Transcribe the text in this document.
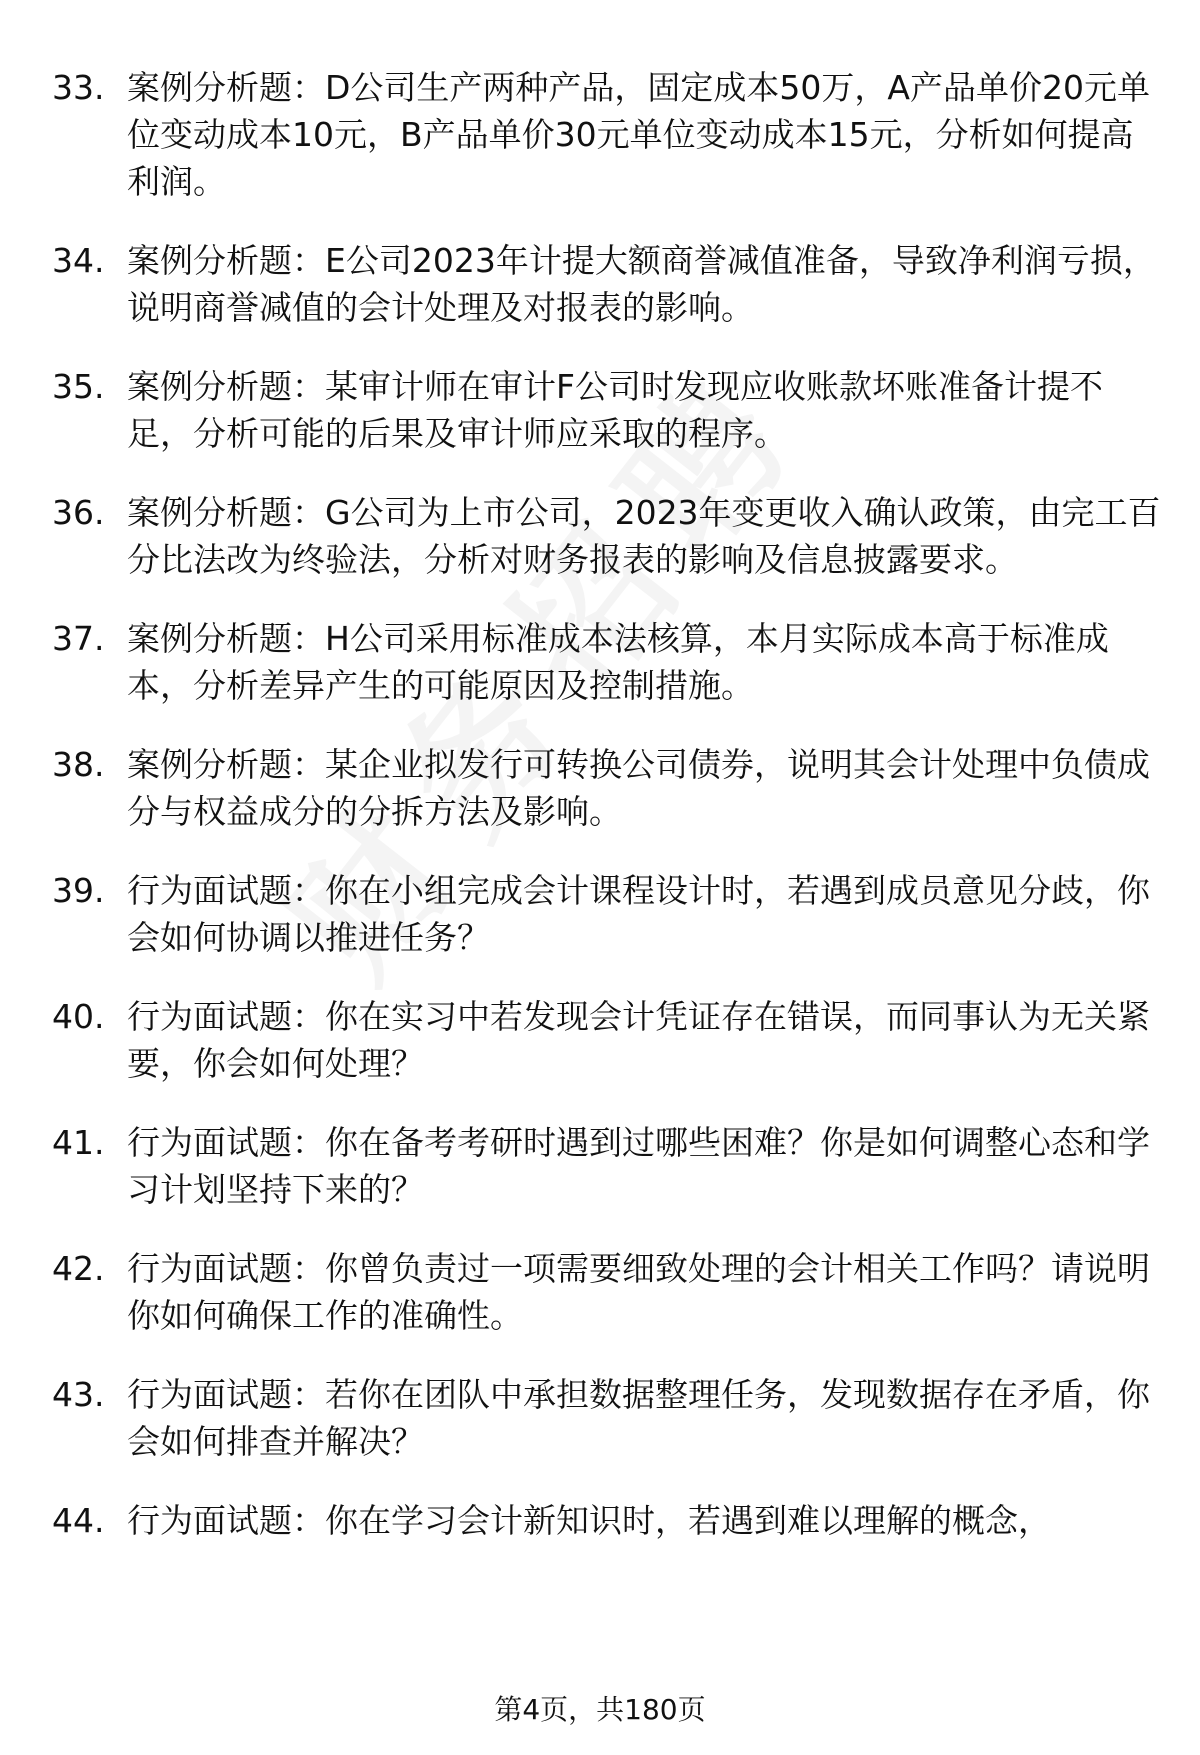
33. 案例分析题：D公司生产两种产品，固定成本50万，A产品单价20元单位变动成本10元，B产品单价30元单位变动成本15元，分析如何提高利润。
34. 案例分析题：E公司2023年计提大额商誉减值准备，导致净利润亏损，说明商誉减值的会计处理及对报表的影响。
35. 案例分析题：某审计师在审计F公司时发现应收账款坏账准备计提不足，分析可能的后果及审计师应采取的程序。
36. 案例分析题：G公司为上市公司，2023年变更收入确认政策，由完工百分比法改为终验法，分析对财务报表的影响及信息披露要求。
37. 案例分析题：H公司采用标准成本法核算，本月实际成本高于标准成本，分析差异产生的可能原因及控制措施。
38. 案例分析题：某企业拟发行可转换公司债券，说明其会计处理中负债成分与权益成分的分拆方法及影响。
39. 行为面试题：你在小组完成会计课程设计时，若遇到成员意见分歧，你会如何协调以推进任务？
40. 行为面试题：你在实习中若发现会计凭证存在错误，而同事认为无关紧要，你会如何处理？
41. 行为面试题：你在备考考研时遇到过哪些困难？你是如何调整心态和学习计划坚持下来的？
42. 行为面试题：你曾负责过一项需要细致处理的会计相关工作吗？请说明你如何确保工作的准确性。
43. 行为面试题：若你在团队中承担数据整理任务，发现数据存在矛盾，你会如何排查并解决？
44. 行为面试题：你在学习会计新知识时，若遇到难以理解的概念，
第4页，共180页
